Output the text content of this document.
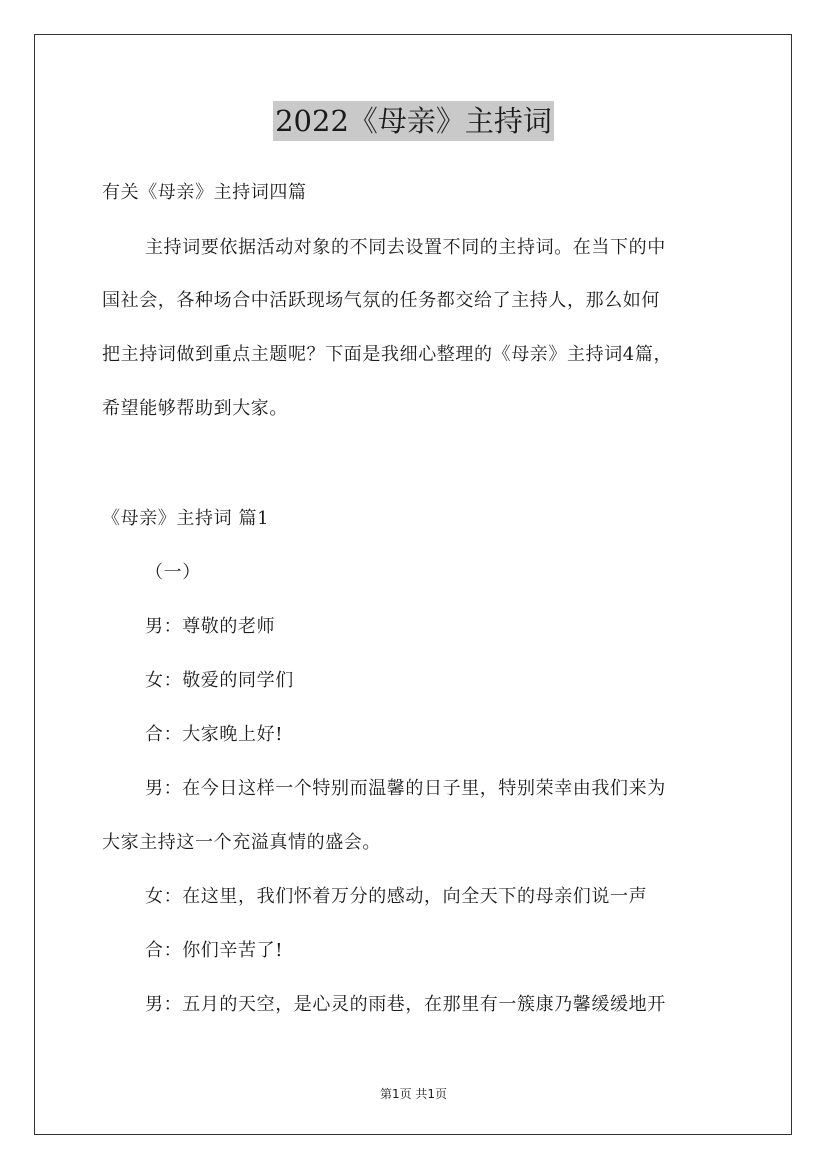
2022《母亲》主持词
有关《母亲》主持词四篇
主持词要依据活动对象的不同去设置不同的主持词。在当下的中
国社会，各种场合中活跃现场气氛的任务都交给了主持人，那么如何
把主持词做到重点主题呢？下面是我细心整理的《母亲》主持词4篇，
希望能够帮助到大家。
《母亲》主持词 篇1
（一）
男：尊敬的老师
女：敬爱的同学们
合：大家晚上好!
男：在今日这样一个特别而温馨的日子里，特别荣幸由我们来为
大家主持这一个充溢真情的盛会。
女：在这里，我们怀着万分的感动，向全天下的母亲们说一声
合：你们辛苦了!
男：五月的天空，是心灵的雨巷，在那里有一簇康乃馨缓缓地开
第1页 共1页
